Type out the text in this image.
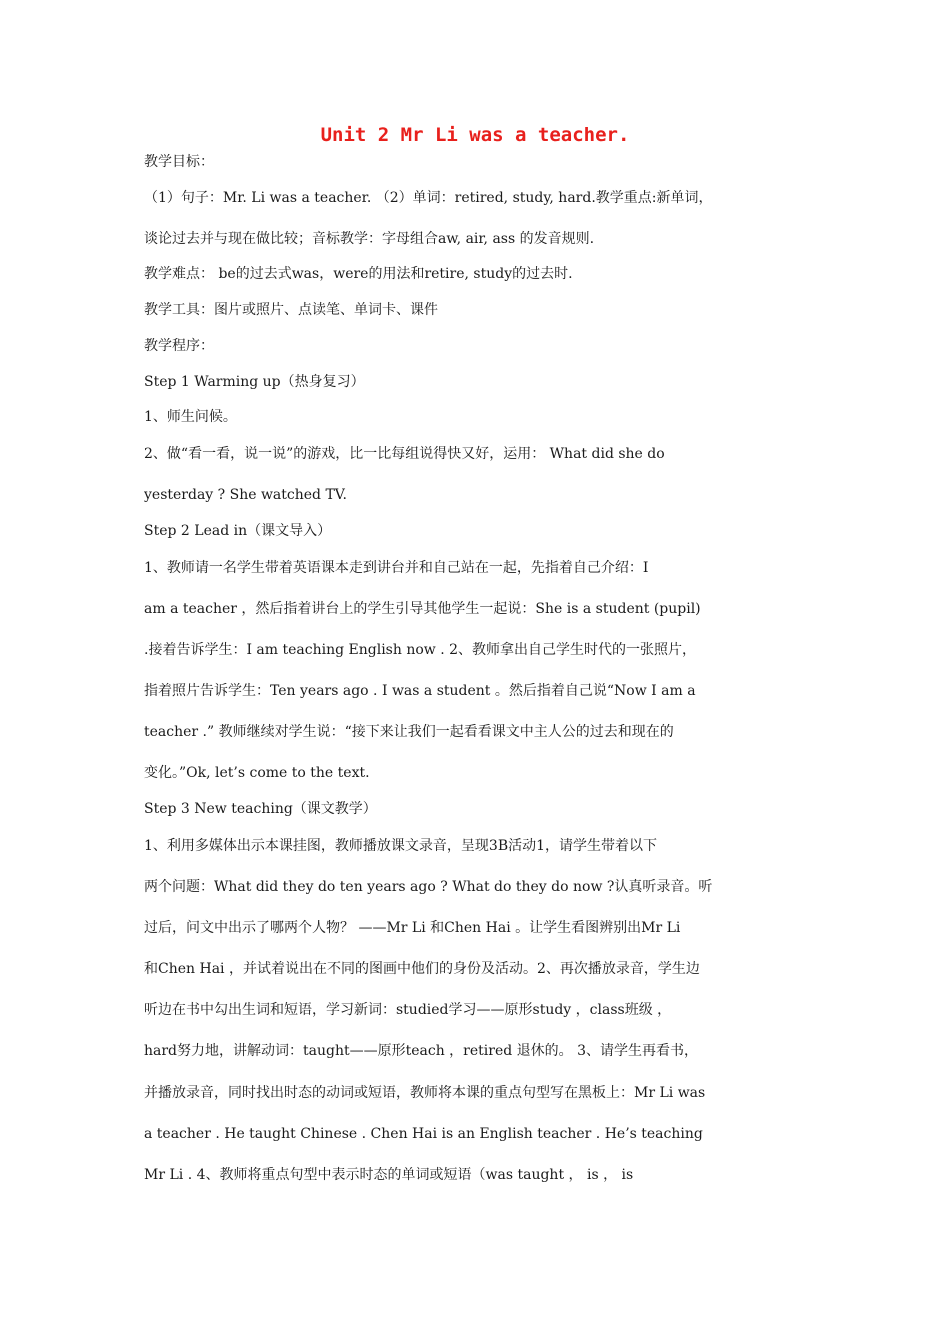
Unit 2 Mr Li was a teacher.
教学目标：
（1）句子：Mr. Li was a teacher. （2）单词：retired, study, hard.教学重点:新单词，
谈论过去并与现在做比较；音标教学：字母组合aw, air, ass 的发音规则.
教学难点： be的过去式was，were的用法和retire, study的过去时.
教学工具：图片或照片、点读笔、单词卡、课件
教学程序：
Step 1 Warming up（热身复习）
1、师生问候。
2、做“看一看，说一说”的游戏，比一比每组说得快又好，运用： What did she do
yesterday ? She watched TV.
Step 2 Lead in（课文导入）
1、教师请一名学生带着英语课本走到讲台并和自己站在一起，先指着自己介绍：I
am a teacher ，然后指着讲台上的学生引导其他学生一起说：She is a student (pupil)
.接着告诉学生：I am teaching English now . 2、教师拿出自己学生时代的一张照片，
指着照片告诉学生：Ten years ago . I was a student 。然后指着自己说“Now I am a
teacher .” 教师继续对学生说：“接下来让我们一起看看课文中主人公的过去和现在的
变化。”Ok, let’s come to the text.
Step 3 New teaching（课文教学）
1、利用多媒体出示本课挂图，教师播放课文录音，呈现3B活动1，请学生带着以下
两个问题：What did they do ten years ago ? What do they do now ?认真听录音。听
过后，问文中出示了哪两个人物？ ——Mr Li 和Chen Hai 。让学生看图辨别出Mr Li
和Chen Hai ，并试着说出在不同的图画中他们的身份及活动。2、再次播放录音，学生边
听边在书中勾出生词和短语，学习新词：studied学习——原形study ，class班级 ，
hard努力地，讲解动词：taught——原形teach ，retired 退休的。 3、请学生再看书，
并播放录音，同时找出时态的动词或短语，教师将本课的重点句型写在黑板上：Mr Li was
a teacher . He taught Chinese . Chen Hai is an English teacher . He’s teaching
Mr Li . 4、教师将重点句型中表示时态的单词或短语（was taught ， is ， is
